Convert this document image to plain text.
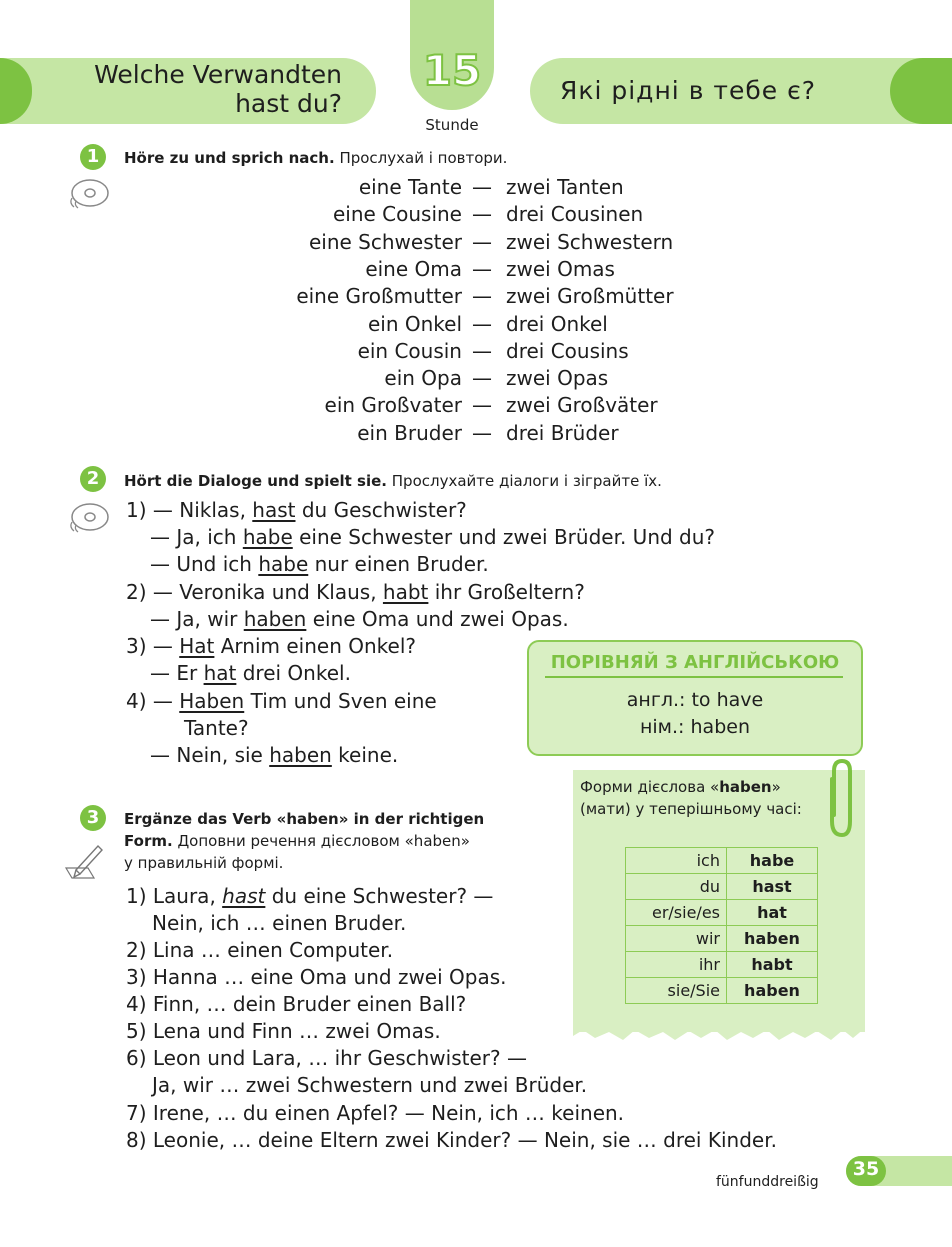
Welche Verwandten
hast du?
15
Stunde
Які рідні в тебе є?
1	Höre zu und sprich nach. Прослухай і повтори.
eine Tante — zwei Tanten
eine Cousine — drei Cousinen
eine Schwester — zwei Schwestern
eine Oma — zwei Omas
eine Großmutter — zwei Großmütter
ein Onkel — drei Onkel
ein Cousin — drei Cousins
ein Opa — zwei Opas
ein Großvater — zwei Großväter
ein Bruder — drei Brüder
2	Hört die Dialoge und spielt sie. Прослухайте діалоги і зіграйте їх.
1) — Niklas, hast du Geschwister?
— Ja, ich habe eine Schwester und zwei Brüder. Und du?
— Und ich habe nur einen Bruder.
2) — Veronika und Klaus, habt ihr Großeltern?
— Ja, wir haben eine Oma und zwei Opas.
3) — Hat Arnim einen Onkel?
— Er hat drei Onkel.
4) — Haben Tim und Sven eine
Tante?
— Nein, sie haben keine.
ПОРІВНЯЙ З АНГЛІЙСЬКОЮ
англ.: to have
нім.: haben
Форми дієслова «haben» (мати) у теперішньому часі:
ich	habe
du	hast
er/sie/es	hat
wir	haben
ihr	habt
sie/Sie	haben
3	Ergänze das Verb «haben» in der richtigen
Form. Доповни речення дієсловом «haben»
у правильній формі.
1) Laura, hast du eine Schwester? —
Nein, ich … einen Bruder.
2) Lina … einen Computer.
3) Hanna … eine Oma und zwei Opas.
4) Finn, … dein Bruder einen Ball?
5) Lena und Finn … zwei Omas.
6) Leon und Lara, … ihr Geschwister? —
Ja, wir … zwei Schwestern und zwei Brüder.
7) Irene, … du einen Apfel? — Nein, ich … keinen.
8) Leonie, … deine Eltern zwei Kinder? — Nein, sie … drei Kinder.
fünfunddreißig
35
